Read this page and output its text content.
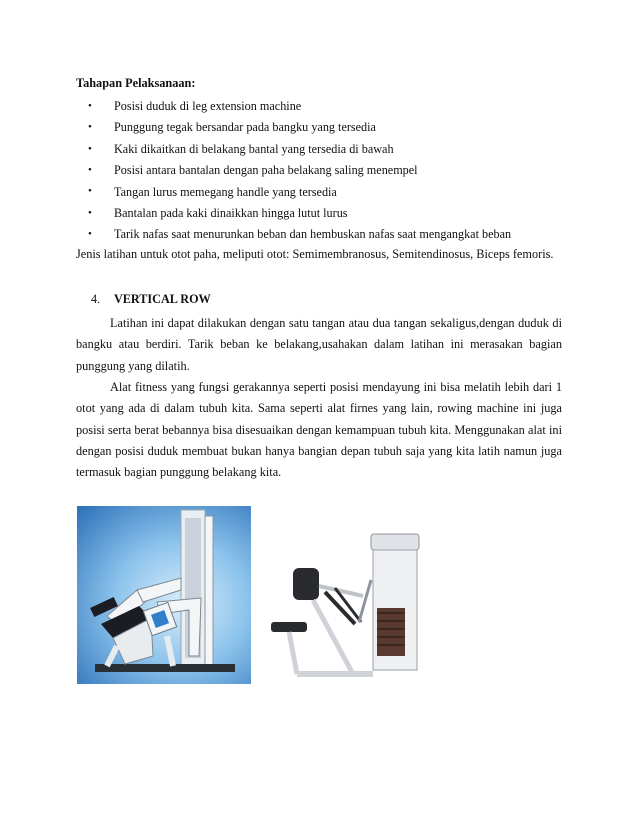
Tahapan Pelaksanaan:
•	Posisi duduk di leg extension machine
•	Punggung tegak bersandar pada bangku yang tersedia
•	Kaki dikaitkan di belakang bantal yang tersedia di bawah
•	Posisi antara bantalan dengan paha belakang saling menempel
•	Tangan lurus memegang handle yang tersedia
•	Bantalan pada kaki dinaikkan hingga lutut lurus
•	Tarik nafas saat menurunkan beban dan hembuskan nafas saat mengangkat beban
Jenis latihan untuk otot paha, meliputi otot: Semimembranosus, Semitendinosus, Biceps femoris.
4. VERTICAL ROW
Latihan ini dapat dilakukan dengan satu tangan atau dua tangan sekaligus,dengan duduk di bangku atau berdiri. Tarik beban ke belakang,usahakan dalam latihan ini merasakan bagian punggung yang dilatih.
Alat fitness yang fungsi gerakannya seperti posisi mendayung ini bisa melatih lebih dari 1 otot yang ada di dalam tubuh kita. Sama seperti alat firnes yang lain, rowing machine ini juga posisi serta berat bebannya bisa disesuaikan dengan kemampuan tubuh kita. Menggunakan alat ini dengan posisi duduk membuat bukan hanya bangian depan tubuh saja yang kita latih namun juga termasuk bagian punggung belakang kita.
